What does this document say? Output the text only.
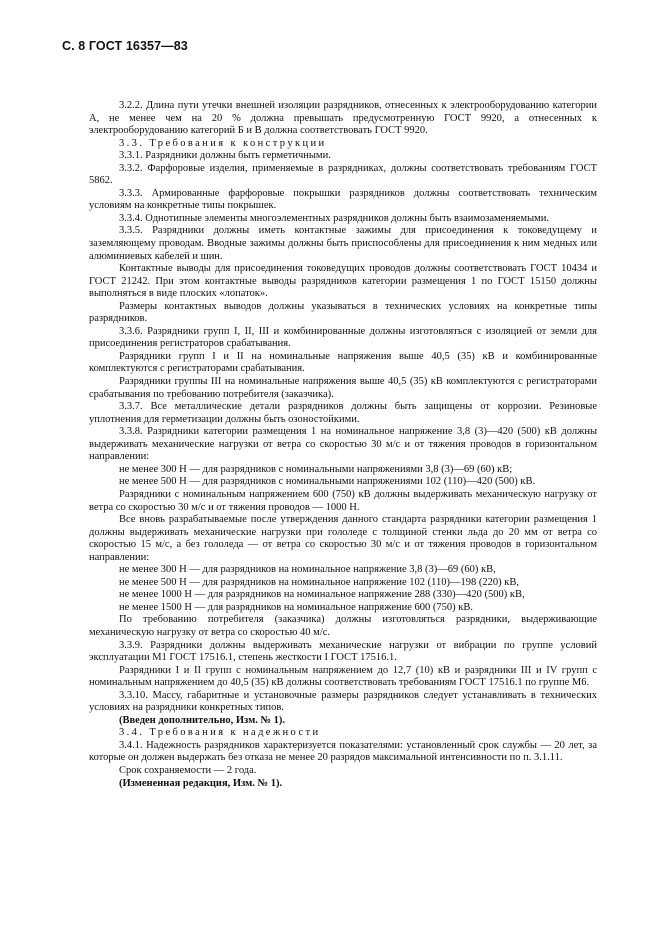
С. 8 ГОСТ 16357—83

3.2.2. Длина пути утечки внешней изоляции разрядников, отнесенных к электрооборудованию категории А, не менее чем на 20 % должна превышать предусмотренную ГОСТ 9920, а отнесенных к электрооборудованию категорий Б и В должна соответствовать ГОСТ 9920.

3.3. Требования к конструкции

3.3.1. Разрядники должны быть герметичными.

3.3.2. Фарфоровые изделия, применяемые в разрядниках, должны соответствовать требованиям ГОСТ 5862.

3.3.3. Армированные фарфоровые покрышки разрядников должны соответствовать техническим условиям на конкретные типы покрышек.

3.3.4. Однотипные элементы многоэлементных разрядников должны быть взаимозаменяемыми.

3.3.5. Разрядники должны иметь контактные зажимы для присоединения к токоведущему и заземляющему проводам. Вводные зажимы должны быть приспособлены для присоединения к ним медных или алюминиевых кабелей и шин.

Контактные выводы для присоединения токоведущих проводов должны соответствовать ГОСТ 10434 и ГОСТ 21242. При этом контактные выводы разрядников категории размещения 1 по ГОСТ 15150 должны выполняться в виде плоских «лопаток».

Размеры контактных выводов должны указываться в технических условиях на конкретные типы разрядников.

3.3.6. Разрядники групп I, II, III и комбинированные должны изготовляться с изоляцией от земли для присоединения регистраторов срабатывания.

Разрядники групп I и II на номинальные напряжения выше 40,5 (35) кВ и комбинированные комплектуются с регистраторами срабатывания.

Разрядники группы III на номинальные напряжения выше 40,5 (35) кВ комплектуются с регистраторами срабатывания по требованию потребителя (заказчика).

3.3.7. Все металлические детали разрядников должны быть защищены от коррозии. Резиновые уплотнения для герметизации должны быть озоностойкими.

3.3.8. Разрядники категории размещения 1 на номинальное напряжение 3,8 (3)—420 (500) кВ должны выдерживать механические нагрузки от ветра со скоростью 30 м/с и от тяжения проводов в горизонтальном направлении:

не менее 300 Н — для разрядников с номинальными напряжениями 3,8 (3)—69 (60) кВ;

не менее 500 Н — для разрядников с номинальными напряжениями 102 (110)—420 (500) кВ.

Разрядники с номинальным напряжением 600 (750) кВ должны выдерживать механическую нагрузку от ветра со скоростью 30 м/с и от тяжения проводов — 1000 Н.

Все вновь разрабатываемые после утверждения данного стандарта разрядники категории размещения 1 должны выдерживать механические нагрузки при гололеде с толщиной стенки льда до 20 мм от ветра со скоростью 15 м/с, а без гололеда — от ветра со скоростью 30 м/с и от тяжения проводов в горизонтальном направлении:

не менее 300 Н — для разрядников на номинальное напряжение 3,8 (3)—69 (60) кВ,

не менее 500 Н — для разрядников на номинальное напряжение 102 (110)—198 (220) кВ,

не менее 1000 Н — для разрядников на номинальное напряжение 288 (330)—420 (500) кВ,

не менее 1500 Н — для разрядников на номинальное напряжение 600 (750) кВ.

По требованию потребителя (заказчика) должны изготовляться разрядники, выдерживающие механическую нагрузку от ветра со скоростью 40 м/с.

3.3.9. Разрядники должны выдерживать механические нагрузки от вибрации по группе условий эксплуатации М1 ГОСТ 17516.1, степень жесткости I ГОСТ 17516.1.

Разрядники I и II групп с номинальным напряжением до 12,7 (10) кВ и разрядники III и IV групп с номинальным напряжением до 40,5 (35) кВ должны соответствовать требованиям ГОСТ 17516.1 по группе М6.

3.3.10. Массу, габаритные и установочные размеры разрядников следует устанавливать в технических условиях на разрядники конкретных типов.

(Введен дополнительно, Изм. № 1).

3.4. Требования к надежности

3.4.1. Надежность разрядников характеризуется показателями: установленный срок службы — 20 лет, за которые он должен выдержать без отказа не менее 20 разрядов максимальной интенсивности по п. 3.1.11.

Срок сохраняемости — 2 года.

(Измененная редакция, Изм. № 1).
